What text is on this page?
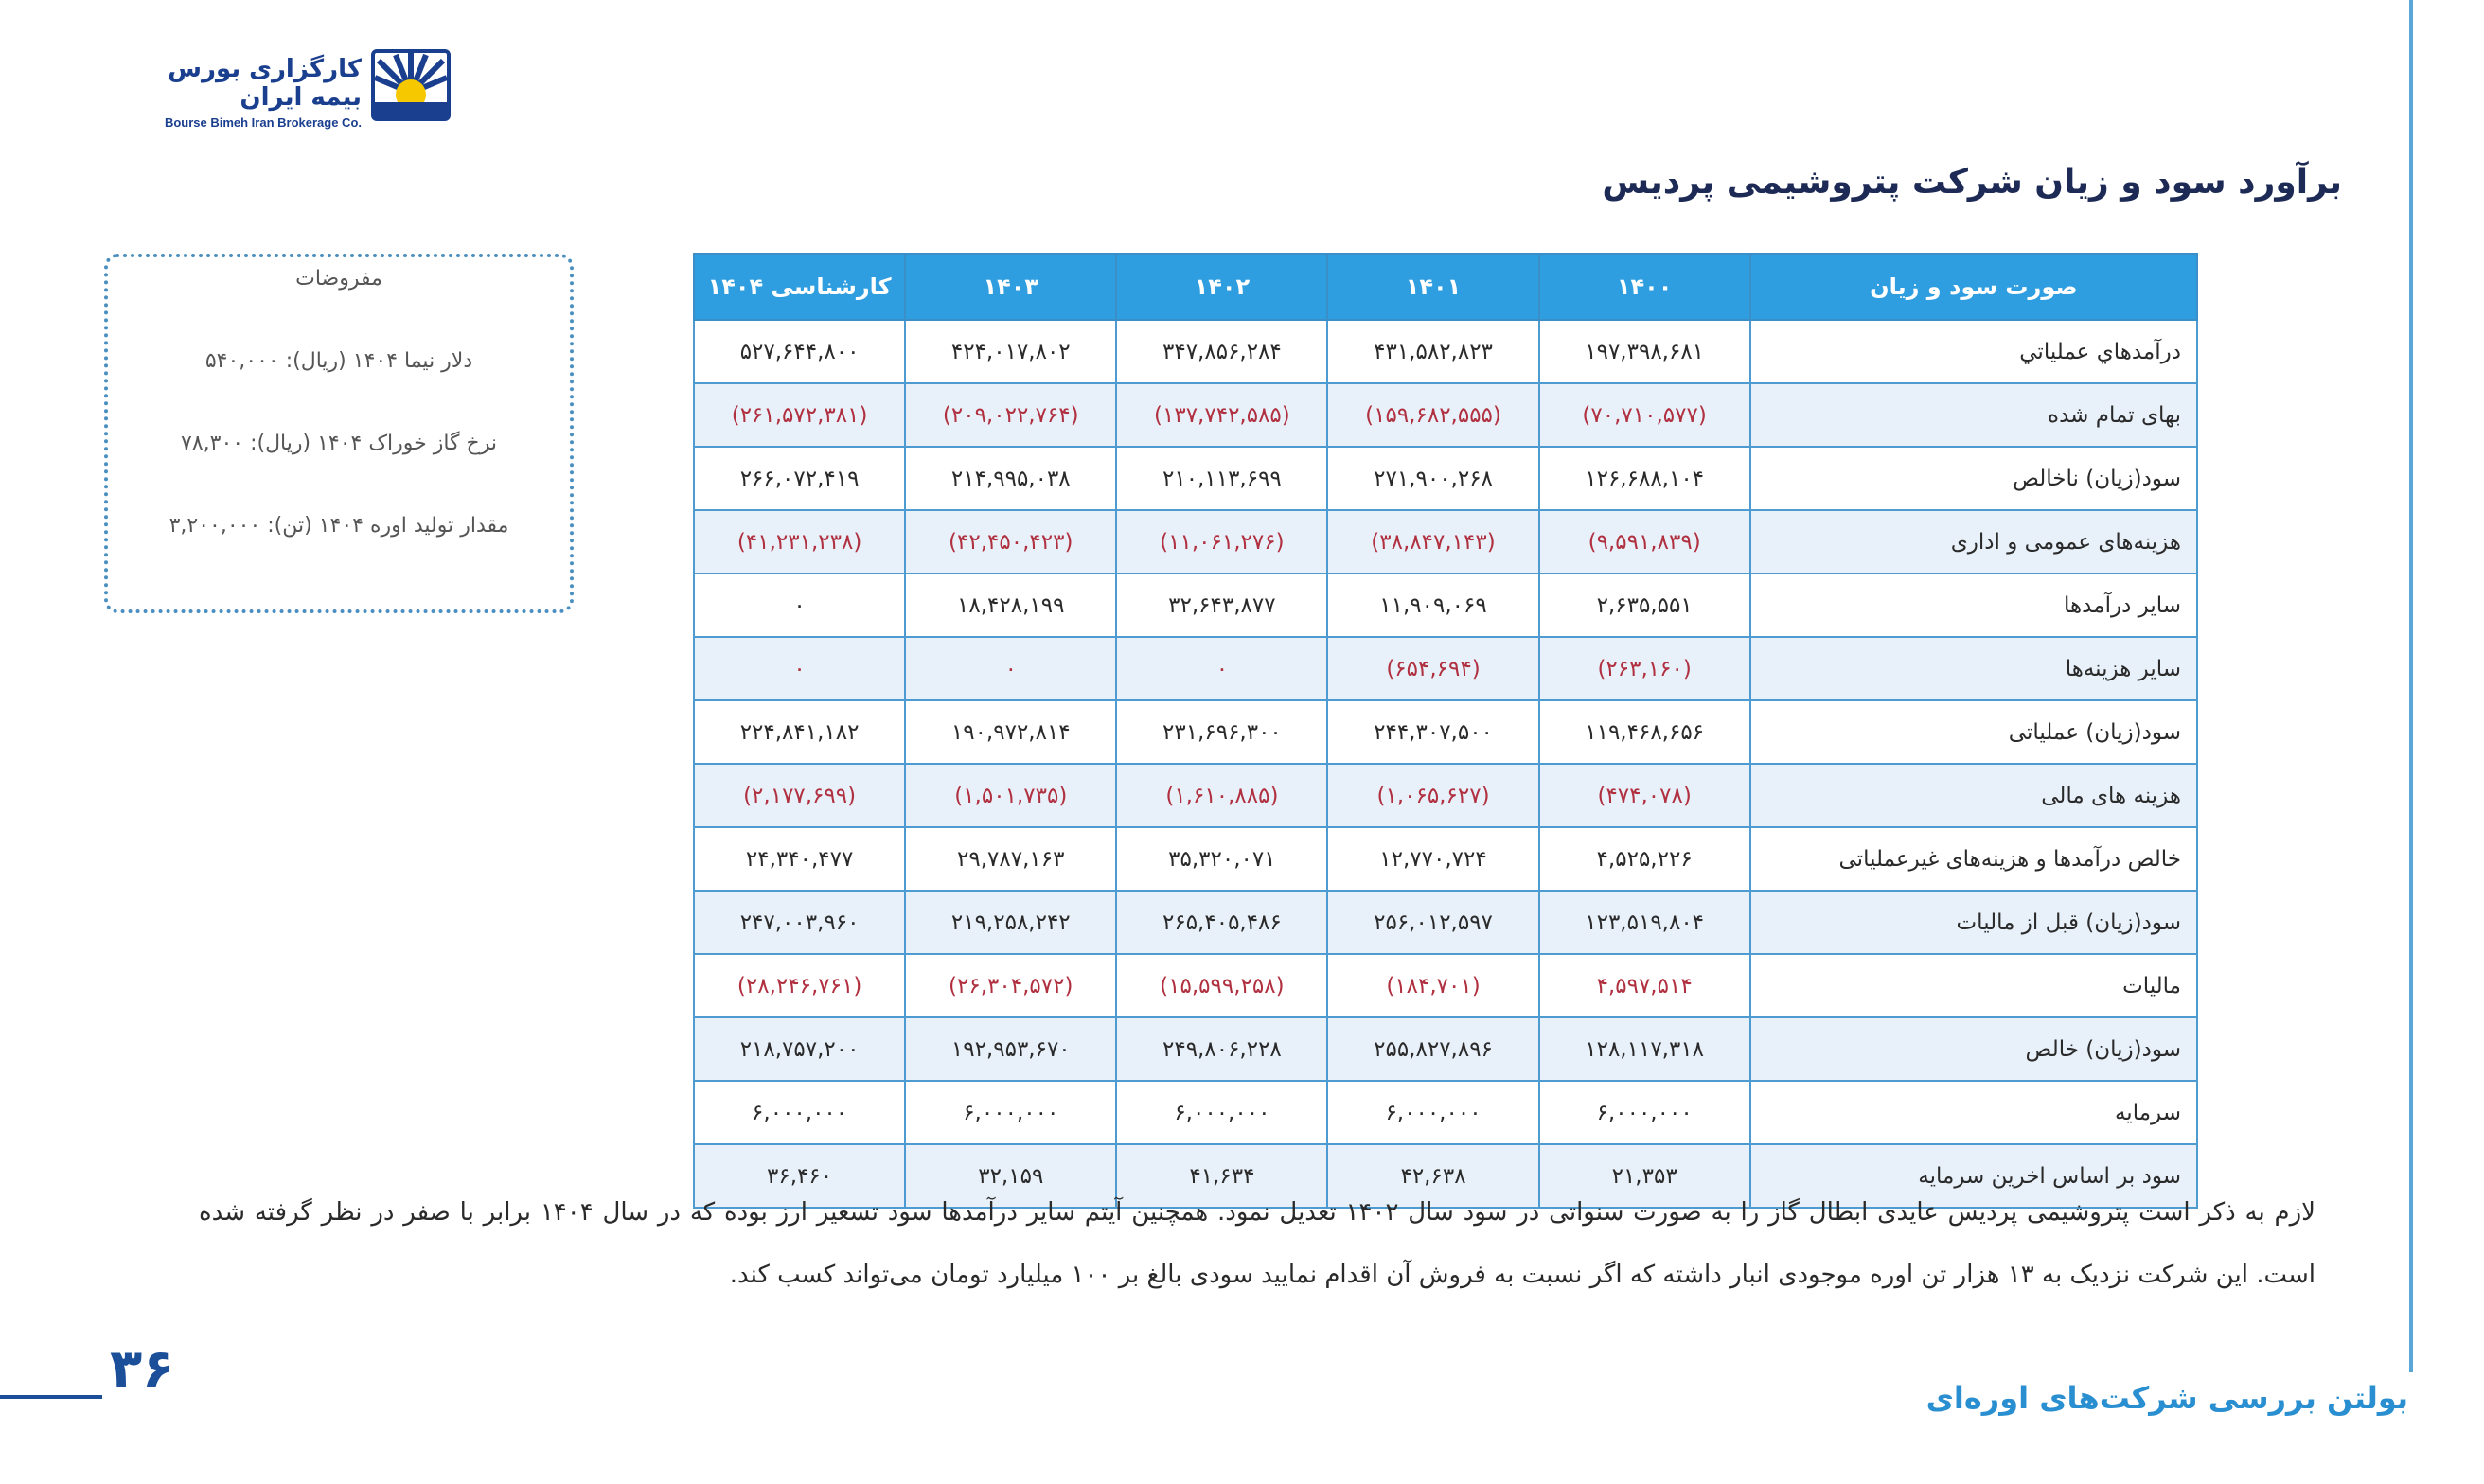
کارگزاری بورس بیمه ایران
Bourse Bimeh Iran Brokerage Co.
برآورد سود و زیان شرکت پتروشیمی پردیس
مفروضات
دلار نیما ۱۴۰۴ (ریال): ۵۴۰,۰۰۰
نرخ گاز خوراک ۱۴۰۴ (ریال): ۷۸,۳۰۰
مقدار تولید اوره ۱۴۰۴ (تن): ۳,۲۰۰,۰۰۰
صورت سود و زیان	۱۴۰۰	۱۴۰۱	۱۴۰۲	۱۴۰۳	کارشناسی ۱۴۰۴
درآمدهاي عملیاتي	۱۹۷,۳۹۸,۶۸۱	۴۳۱,۵۸۲,۸۲۳	۳۴۷,۸۵۶,۲۸۴	۴۲۴,۰۱۷,۸۰۲	۵۲۷,۶۴۴,۸۰۰
بهای تمام شده	(۷۰,۷۱۰,۵۷۷)	(۱۵۹,۶۸۲,۵۵۵)	(۱۳۷,۷۴۲,۵۸۵)	(۲۰۹,۰۲۲,۷۶۴)	(۲۶۱,۵۷۲,۳۸۱)
سود(زیان) ناخالص	۱۲۶,۶۸۸,۱۰۴	۲۷۱,۹۰۰,۲۶۸	۲۱۰,۱۱۳,۶۹۹	۲۱۴,۹۹۵,۰۳۸	۲۶۶,۰۷۲,۴۱۹
هزینه‌های عمومی و اداری	(۹,۵۹۱,۸۳۹)	(۳۸,۸۴۷,۱۴۳)	(۱۱,۰۶۱,۲۷۶)	(۴۲,۴۵۰,۴۲۳)	(۴۱,۲۳۱,۲۳۸)
سایر درآمدها	۲,۶۳۵,۵۵۱	۱۱,۹۰۹,۰۶۹	۳۲,۶۴۳,۸۷۷	۱۸,۴۲۸,۱۹۹	۰
سایر هزینه‌ها	(۲۶۳,۱۶۰)	(۶۵۴,۶۹۴)	۰	۰	۰
سود(زیان) عملیاتی	۱۱۹,۴۶۸,۶۵۶	۲۴۴,۳۰۷,۵۰۰	۲۳۱,۶۹۶,۳۰۰	۱۹۰,۹۷۲,۸۱۴	۲۲۴,۸۴۱,۱۸۲
هزینه های مالی	(۴۷۴,۰۷۸)	(۱,۰۶۵,۶۲۷)	(۱,۶۱۰,۸۸۵)	(۱,۵۰۱,۷۳۵)	(۲,۱۷۷,۶۹۹)
خالص درآمدها و هزینه‌های غیرعملیاتی	۴,۵۲۵,۲۲۶	۱۲,۷۷۰,۷۲۴	۳۵,۳۲۰,۰۷۱	۲۹,۷۸۷,۱۶۳	۲۴,۳۴۰,۴۷۷
سود(زیان) قبل از مالیات	۱۲۳,۵۱۹,۸۰۴	۲۵۶,۰۱۲,۵۹۷	۲۶۵,۴۰۵,۴۸۶	۲۱۹,۲۵۸,۲۴۲	۲۴۷,۰۰۳,۹۶۰
مالیات	۴,۵۹۷,۵۱۴	(۱۸۴,۷۰۱)	(۱۵,۵۹۹,۲۵۸)	(۲۶,۳۰۴,۵۷۲)	(۲۸,۲۴۶,۷۶۱)
سود(زیان) خالص	۱۲۸,۱۱۷,۳۱۸	۲۵۵,۸۲۷,۸۹۶	۲۴۹,۸۰۶,۲۲۸	۱۹۲,۹۵۳,۶۷۰	۲۱۸,۷۵۷,۲۰۰
سرمایه	۶,۰۰۰,۰۰۰	۶,۰۰۰,۰۰۰	۶,۰۰۰,۰۰۰	۶,۰۰۰,۰۰۰	۶,۰۰۰,۰۰۰
سود بر اساس اخرین سرمایه	۲۱,۳۵۳	۴۲,۶۳۸	۴۱,۶۳۴	۳۲,۱۵۹	۳۶,۴۶۰
لازم به ذکر است پتروشیمی پردیس عایدی ابطال گاز را به صورت سنواتی در سود سال ۱۴۰۲ تعدیل نمود. همچنین آیتم سایر درآمدها سود تسعیر ارز بوده که در سال ۱۴۰۴ برابر با صفر در نظر گرفته شده است. این شرکت نزدیک به ۱۳ هزار تن اوره موجودی انبار داشته که اگر نسبت به فروش آن اقدام نمایید سودی بالغ بر ۱۰۰ میلیارد تومان می‌تواند کسب کند.
۳۶	بولتن بررسی شرکت‌های اوره‌ای
